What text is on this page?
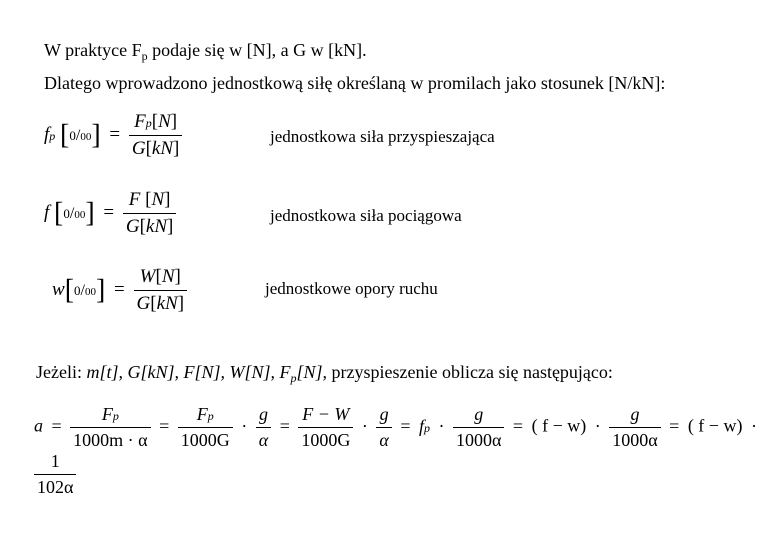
W praktyce $F_p$ podaje się w [N], a G w [kN].
Dlatego wprowadzono jednostkową siłę określaną w promilach jako stosunek [N/kN]:
fp [ 0 / 00 ] = $\frac{Fp[N]}{G[kN]}$	jednostkowa siła przyspieszająca
f [ 0 / 00 ] = $\frac{F [N]}{G[kN]}$	jednostkowa siła pociągowa
w[ 0 / 00 ] = $\frac{W[N]}{G[kN]}$	jednostkowe opory ruchu
Jeżeli: m[t], G[kN], F[N], W[N], $F_p[N]$, przyspieszenie oblicza się następująco:
$a = \frac{Fp}{1000m \cdot \alpha} = \frac{Fp}{1000G} \cdot \frac{g}{\alpha} = \frac{F - W}{1000G} \cdot \frac{g}{\alpha}$ = fp · $\frac{g}{1000\alpha}$ = ( $f - w) \cdot \frac{g}{1000\alpha}$ = ( f − w) ·
$\frac{1}{102\alpha}$
